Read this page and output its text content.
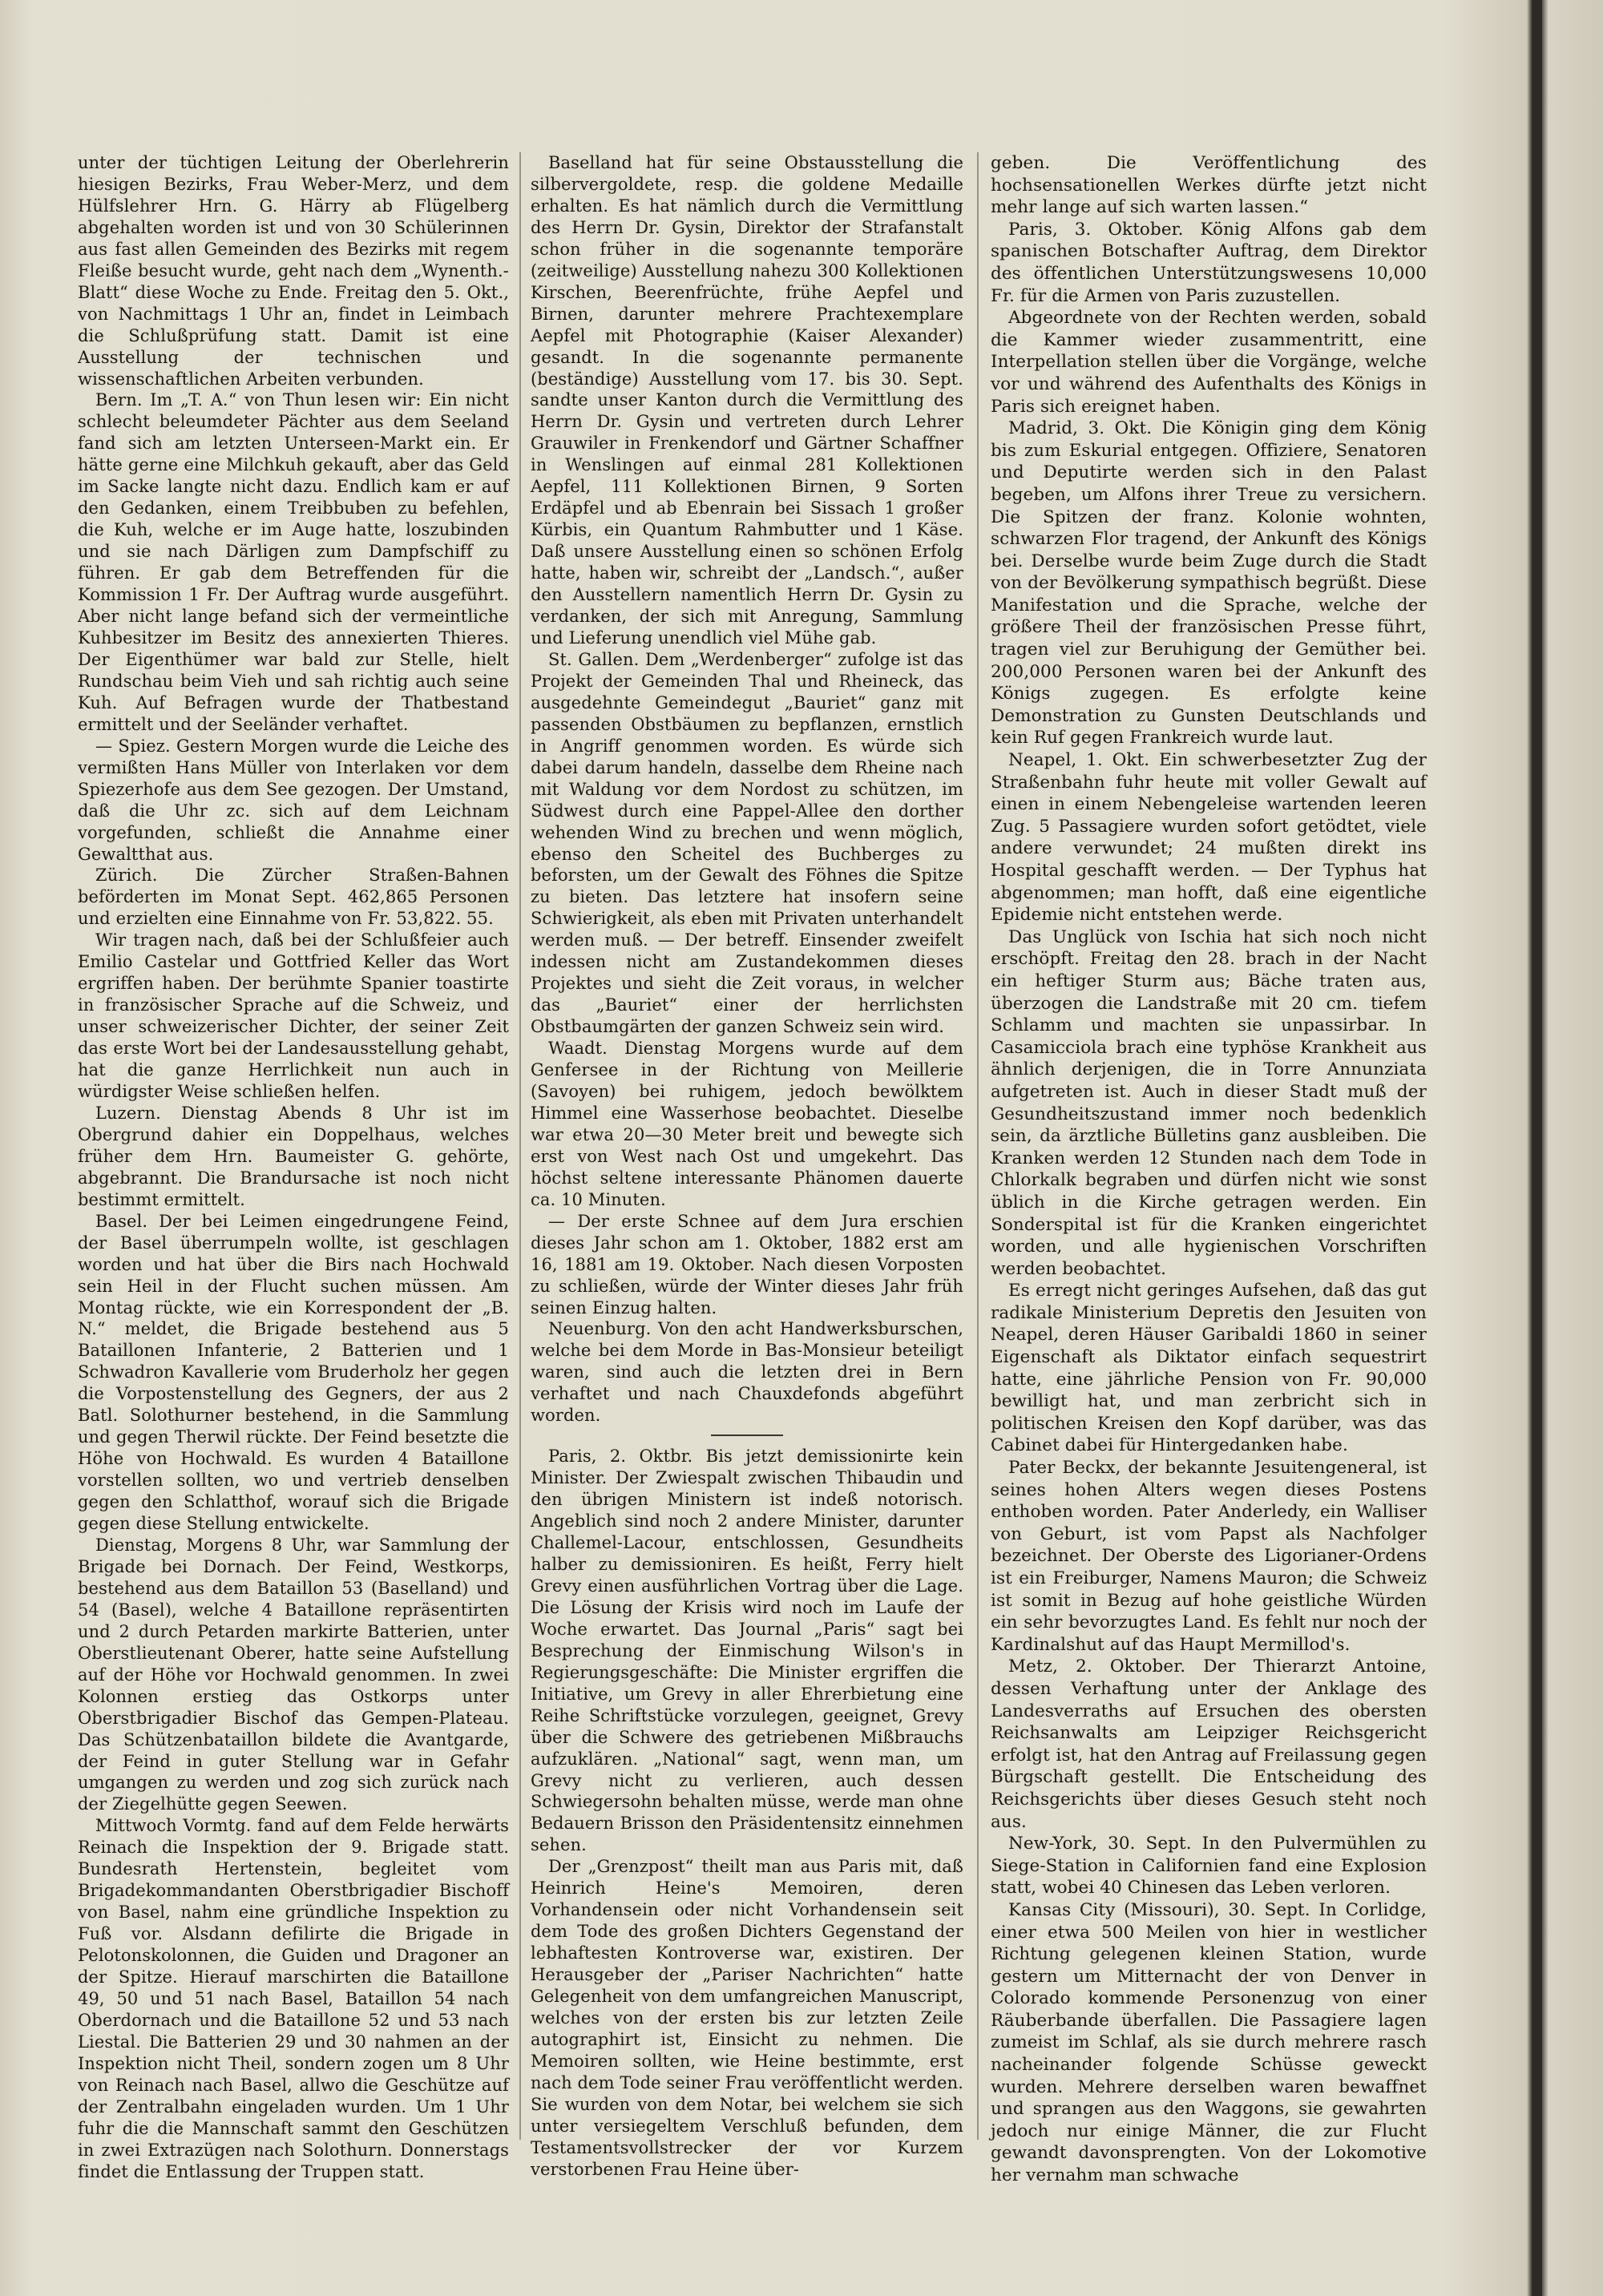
unter der tüchtigen Leitung der Oberlehrerin hiesigen Bezirks, Frau Weber-Merz, und dem Hülfslehrer Hrn. G. Härry ab Flügelberg abgehalten worden ist und von 30 Schülerinnen aus fast allen Gemeinden des Bezirks mit regem Fleiße besucht wurde, geht nach dem „Wynenth.-Blatt“ diese Woche zu Ende. Freitag den 5. Okt., von Nachmittags 1 Uhr an, findet in Leimbach die Schlußprüfung statt. Damit ist eine Ausstellung der technischen und wissenschaftlichen Arbeiten verbunden.

Bern. Im „T. A.“ von Thun lesen wir: Ein nicht schlecht beleumdeter Pächter aus dem Seeland fand sich am letzten Unterseen-Markt ein. Er hätte gerne eine Milchkuh gekauft, aber das Geld im Sacke langte nicht dazu. Endlich kam er auf den Gedanken, einem Treibbuben zu befehlen, die Kuh, welche er im Auge hatte, loszubinden und sie nach Därligen zum Dampfschiff zu führen. Er gab dem Betreffenden für die Kommission 1 Fr. Der Auftrag wurde ausgeführt. Aber nicht lange befand sich der vermeintliche Kuhbesitzer im Besitz des annexierten Thieres. Der Eigenthümer war bald zur Stelle, hielt Rundschau beim Vieh und sah richtig auch seine Kuh. Auf Befragen wurde der Thatbestand ermittelt und der Seeländer verhaftet.

— Spiez. Gestern Morgen wurde die Leiche des vermißten Hans Müller von Interlaken vor dem Spiezerhofe aus dem See gezogen. Der Umstand, daß die Uhr zc. sich auf dem Leichnam vorgefunden, schließt die Annahme einer Gewaltthat aus.

Zürich. Die Zürcher Straßen-Bahnen beförderten im Monat Sept. 462,865 Personen und erzielten eine Einnahme von Fr. 53,822. 55.

Wir tragen nach, daß bei der Schlußfeier auch Emilio Castelar und Gottfried Keller das Wort ergriffen haben. Der berühmte Spanier toastirte in französischer Sprache auf die Schweiz, und unser schweizerischer Dichter, der seiner Zeit das erste Wort bei der Landesausstellung gehabt, hat die ganze Herrlichkeit nun auch in würdigster Weise schließen helfen.

Luzern. Dienstag Abends 8 Uhr ist im Obergrund dahier ein Doppelhaus, welches früher dem Hrn. Baumeister G. gehörte, abgebrannt. Die Brandursache ist noch nicht bestimmt ermittelt.

Basel. Der bei Leimen eingedrungene Feind, der Basel überrumpeln wollte, ist geschlagen worden und hat über die Birs nach Hochwald sein Heil in der Flucht suchen müssen. Am Montag rückte, wie ein Korrespondent der „B. N.“ meldet, die Brigade bestehend aus 5 Bataillonen Infanterie, 2 Batterien und 1 Schwadron Kavallerie vom Bruderholz her gegen die Vorpostenstellung des Gegners, der aus 2 Batl. Solothurner bestehend, in die Sammlung und gegen Therwil rückte. Der Feind besetzte die Höhe von Hochwald. Es wurden 4 Bataillone vorstellen sollten, wo und vertrieb denselben gegen den Schlatthof, worauf sich die Brigade gegen diese Stellung entwickelte.

Dienstag, Morgens 8 Uhr, war Sammlung der Brigade bei Dornach. Der Feind, Westkorps, bestehend aus dem Bataillon 53 (Baselland) und 54 (Basel), welche 4 Bataillone repräsentirten und 2 durch Petarden markirte Batterien, unter Oberstlieutenant Oberer, hatte seine Aufstellung auf der Höhe vor Hochwald genommen. In zwei Kolonnen erstieg das Ostkorps unter Oberstbrigadier Bischof das Gempen-Plateau. Das Schützenbataillon bildete die Avantgarde, der Feind in guter Stellung war in Gefahr umgangen zu werden und zog sich zurück nach der Ziegelhütte gegen Seewen.

Mittwoch Vormtg. fand auf dem Felde herwärts Reinach die Inspektion der 9. Brigade statt. Bundesrath Hertenstein, begleitet vom Brigadekommandanten Oberstbrigadier Bischoff von Basel, nahm eine gründliche Inspektion zu Fuß vor. Alsdann defilirte die Brigade in Pelotonskolonnen, die Guiden und Dragoner an der Spitze. Hierauf marschirten die Bataillone 49, 50 und 51 nach Basel, Bataillon 54 nach Oberdornach und die Bataillone 52 und 53 nach Liestal. Die Batterien 29 und 30 nahmen an der Inspektion nicht Theil, sondern zogen um 8 Uhr von Reinach nach Basel, allwo die Geschütze auf der Zentralbahn eingeladen wurden. Um 1 Uhr fuhr die die Mannschaft sammt den Geschützen in zwei Extrazügen nach Solothurn. Donnerstags findet die Entlassung der Truppen statt.

Baselland hat für seine Obstausstellung die silbervergoldete, resp. die goldene Medaille erhalten. Es hat nämlich durch die Vermittlung des Herrn Dr. Gysin, Direktor der Strafanstalt schon früher in die sogenannte temporäre (zeitweilige) Ausstellung nahezu 300 Kollektionen Kirschen, Beerenfrüchte, frühe Aepfel und Birnen, darunter mehrere Prachtexemplare Aepfel mit Photographie (Kaiser Alexander) gesandt. In die sogenannte permanente (beständige) Ausstellung vom 17. bis 30. Sept. sandte unser Kanton durch die Vermittlung des Herrn Dr. Gysin und vertreten durch Lehrer Grauwiler in Frenkendorf und Gärtner Schaffner in Wenslingen auf einmal 281 Kollektionen Aepfel, 111 Kollektionen Birnen, 9 Sorten Erdäpfel und ab Ebenrain bei Sissach 1 großer Kürbis, ein Quantum Rahmbutter und 1 Käse. Daß unsere Ausstellung einen so schönen Erfolg hatte, haben wir, schreibt der „Landsch.“, außer den Ausstellern namentlich Herrn Dr. Gysin zu verdanken, der sich mit Anregung, Sammlung und Lieferung unendlich viel Mühe gab.

St. Gallen. Dem „Werdenberger“ zufolge ist das Projekt der Gemeinden Thal und Rheineck, das ausgedehnte Gemeindegut „Bauriet“ ganz mit passenden Obstbäumen zu bepflanzen, ernstlich in Angriff genommen worden. Es würde sich dabei darum handeln, dasselbe dem Rheine nach mit Waldung vor dem Nordost zu schützen, im Südwest durch eine Pappel-Allee den dorther wehenden Wind zu brechen und wenn möglich, ebenso den Scheitel des Buchberges zu beforsten, um der Gewalt des Föhnes die Spitze zu bieten. Das letztere hat insofern seine Schwierigkeit, als eben mit Privaten unterhandelt werden muß. — Der betreff. Einsender zweifelt indessen nicht am Zustandekommen dieses Projektes und sieht die Zeit voraus, in welcher das „Bauriet“ einer der herrlichsten Obstbaumgärten der ganzen Schweiz sein wird.

Waadt. Dienstag Morgens wurde auf dem Genfersee in der Richtung von Meillerie (Savoyen) bei ruhigem, jedoch bewölktem Himmel eine Wasserhose beobachtet. Dieselbe war etwa 20—30 Meter breit und bewegte sich erst von West nach Ost und umgekehrt. Das höchst seltene interessante Phänomen dauerte ca. 10 Minuten.

— Der erste Schnee auf dem Jura erschien dieses Jahr schon am 1. Oktober, 1882 erst am 16, 1881 am 19. Oktober. Nach diesen Vorposten zu schließen, würde der Winter dieses Jahr früh seinen Einzug halten.

Neuenburg. Von den acht Handwerksburschen, welche bei dem Morde in Bas-Monsieur beteiligt waren, sind auch die letzten drei in Bern verhaftet und nach Chauxdefonds abgeführt worden.

Paris, 2. Oktbr. Bis jetzt demissionirte kein Minister. Der Zwiespalt zwischen Thibaudin und den übrigen Ministern ist indeß notorisch. Angeblich sind noch 2 andere Minister, darunter Challemel-Lacour, entschlossen, Gesundheits halber zu demissioniren. Es heißt, Ferry hielt Grevy einen ausführlichen Vortrag über die Lage. Die Lösung der Krisis wird noch im Laufe der Woche erwartet. Das Journal „Paris“ sagt bei Besprechung der Einmischung Wilson's in Regierungsgeschäfte: Die Minister ergriffen die Initiative, um Grevy in aller Ehrerbietung eine Reihe Schriftstücke vorzulegen, geeignet, Grevy über die Schwere des getriebenen Mißbrauchs aufzuklären. „National“ sagt, wenn man, um Grevy nicht zu verlieren, auch dessen Schwiegersohn behalten müsse, werde man ohne Bedauern Brisson den Präsidentensitz einnehmen sehen.

Der „Grenzpost“ theilt man aus Paris mit, daß Heinrich Heine's Memoiren, deren Vorhandensein oder nicht Vorhandensein seit dem Tode des großen Dichters Gegenstand der lebhaftesten Kontroverse war, existiren. Der Herausgeber der „Pariser Nachrichten“ hatte Gelegenheit von dem umfangreichen Manuscript, welches von der ersten bis zur letzten Zeile autographirt ist, Einsicht zu nehmen. Die Memoiren sollten, wie Heine bestimmte, erst nach dem Tode seiner Frau veröffentlicht werden. Sie wurden von dem Notar, bei welchem sie sich unter versiegeltem Verschluß befunden, dem Testamentsvollstrecker der vor Kurzem verstorbenen Frau Heine über-

geben. Die Veröffentlichung des hochsensationellen Werkes dürfte jetzt nicht mehr lange auf sich warten lassen.“

Paris, 3. Oktober. König Alfons gab dem spanischen Botschafter Auftrag, dem Direktor des öffentlichen Unterstützungswesens 10,000 Fr. für die Armen von Paris zuzustellen.

Abgeordnete von der Rechten werden, sobald die Kammer wieder zusammentritt, eine Interpellation stellen über die Vorgänge, welche vor und während des Aufenthalts des Königs in Paris sich ereignet haben.

Madrid, 3. Okt. Die Königin ging dem König bis zum Eskurial entgegen. Offiziere, Senatoren und Deputirte werden sich in den Palast begeben, um Alfons ihrer Treue zu versichern. Die Spitzen der franz. Kolonie wohnten, schwarzen Flor tragend, der Ankunft des Königs bei. Derselbe wurde beim Zuge durch die Stadt von der Bevölkerung sympathisch begrüßt. Diese Manifestation und die Sprache, welche der größere Theil der französischen Presse führt, tragen viel zur Beruhigung der Gemüther bei. 200,000 Personen waren bei der Ankunft des Königs zugegen. Es erfolgte keine Demonstration zu Gunsten Deutschlands und kein Ruf gegen Frankreich wurde laut.

Neapel, 1. Okt. Ein schwerbesetzter Zug der Straßenbahn fuhr heute mit voller Gewalt auf einen in einem Nebengeleise wartenden leeren Zug. 5 Passagiere wurden sofort getödtet, viele andere verwundet; 24 mußten direkt ins Hospital geschafft werden. — Der Typhus hat abgenommen; man hofft, daß eine eigentliche Epidemie nicht entstehen werde.

Das Unglück von Ischia hat sich noch nicht erschöpft. Freitag den 28. brach in der Nacht ein heftiger Sturm aus; Bäche traten aus, überzogen die Landstraße mit 20 cm. tiefem Schlamm und machten sie unpassirbar. In Casamicciola brach eine typhöse Krankheit aus ähnlich derjenigen, die in Torre Annunziata aufgetreten ist. Auch in dieser Stadt muß der Gesundheitszustand immer noch bedenklich sein, da ärztliche Bülletins ganz ausbleiben. Die Kranken werden 12 Stunden nach dem Tode in Chlorkalk begraben und dürfen nicht wie sonst üblich in die Kirche getragen werden. Ein Sonderspital ist für die Kranken eingerichtet worden, und alle hygienischen Vorschriften werden beobachtet.

Es erregt nicht geringes Aufsehen, daß das gut radikale Ministerium Depretis den Jesuiten von Neapel, deren Häuser Garibaldi 1860 in seiner Eigenschaft als Diktator einfach sequestrirt hatte, eine jährliche Pension von Fr. 90,000 bewilligt hat, und man zerbricht sich in politischen Kreisen den Kopf darüber, was das Cabinet dabei für Hintergedanken habe.

Pater Beckx, der bekannte Jesuitengeneral, ist seines hohen Alters wegen dieses Postens enthoben worden. Pater Anderledy, ein Walliser von Geburt, ist vom Papst als Nachfolger bezeichnet. Der Oberste des Ligorianer-Ordens ist ein Freiburger, Namens Mauron; die Schweiz ist somit in Bezug auf hohe geistliche Würden ein sehr bevorzugtes Land. Es fehlt nur noch der Kardinalshut auf das Haupt Mermillod's.

Metz, 2. Oktober. Der Thierarzt Antoine, dessen Verhaftung unter der Anklage des Landesverraths auf Ersuchen des obersten Reichsanwalts am Leipziger Reichsgericht erfolgt ist, hat den Antrag auf Freilassung gegen Bürgschaft gestellt. Die Entscheidung des Reichsgerichts über dieses Gesuch steht noch aus.

New-York, 30. Sept. In den Pulvermühlen zu Siege-Station in Californien fand eine Explosion statt, wobei 40 Chinesen das Leben verloren.

Kansas City (Missouri), 30. Sept. In Corlidge, einer etwa 500 Meilen von hier in westlicher Richtung gelegenen kleinen Station, wurde gestern um Mitternacht der von Denver in Colorado kommende Personenzug von einer Räuberbande überfallen. Die Passagiere lagen zumeist im Schlaf, als sie durch mehrere rasch nacheinander folgende Schüsse geweckt wurden. Mehrere derselben waren bewaffnet und sprangen aus den Waggons, sie gewahrten jedoch nur einige Männer, die zur Flucht gewandt davonsprengten. Von der Lokomotive her vernahm man schwache
